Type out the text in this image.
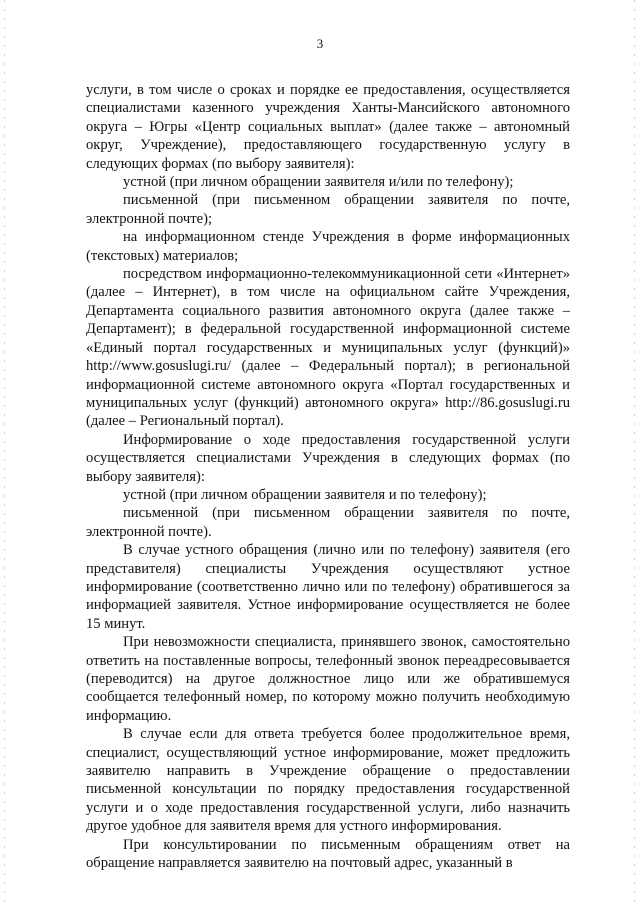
3

услуги, в том числе о сроках и порядке ее предоставления, осуществляется специалистами казенного учреждения Ханты-Мансийского автономного округа – Югры «Центр социальных выплат» (далее также – автономный округ, Учреждение), предоставляющего государственную услугу в следующих формах (по выбору заявителя):

устной (при личном обращении заявителя и/или по телефону);

письменной (при письменном обращении заявителя по почте, электронной почте);

на информационном стенде Учреждения в форме информационных (текстовых) материалов;

посредством информационно-телекоммуникационной сети «Интернет» (далее – Интернет), в том числе на официальном сайте Учреждения, Департамента социального развития автономного округа (далее также – Департамент); в федеральной государственной информационной системе «Единый портал государственных и муниципальных услуг (функций)» http://www.gosuslugi.ru/ (далее – Федеральный портал); в региональной информационной системе автономного округа «Портал государственных и муниципальных услуг (функций) автономного округа» http://86.gosuslugi.ru (далее – Региональный портал).

Информирование о ходе предоставления государственной услуги осуществляется специалистами Учреждения в следующих формах (по выбору заявителя):

устной (при личном обращении заявителя и по телефону);

письменной (при письменном обращении заявителя по почте, электронной почте).

В случае устного обращения (лично или по телефону) заявителя (его представителя) специалисты Учреждения осуществляют устное информирование (соответственно лично или по телефону) обратившегося за информацией заявителя. Устное информирование осуществляется не более 15 минут.

При невозможности специалиста, принявшего звонок, самостоятельно ответить на поставленные вопросы, телефонный звонок переадресовывается (переводится) на другое должностное лицо или же обратившемуся сообщается телефонный номер, по которому можно получить необходимую информацию.

В случае если для ответа требуется более продолжительное время, специалист, осуществляющий устное информирование, может предложить заявителю направить в Учреждение обращение о предоставлении письменной консультации по порядку предоставления государственной услуги и о ходе предоставления государственной услуги, либо назначить другое удобное для заявителя время для устного информирования.

При консультировании по письменным обращениям ответ на обращение направляется заявителю на почтовый адрес, указанный в
